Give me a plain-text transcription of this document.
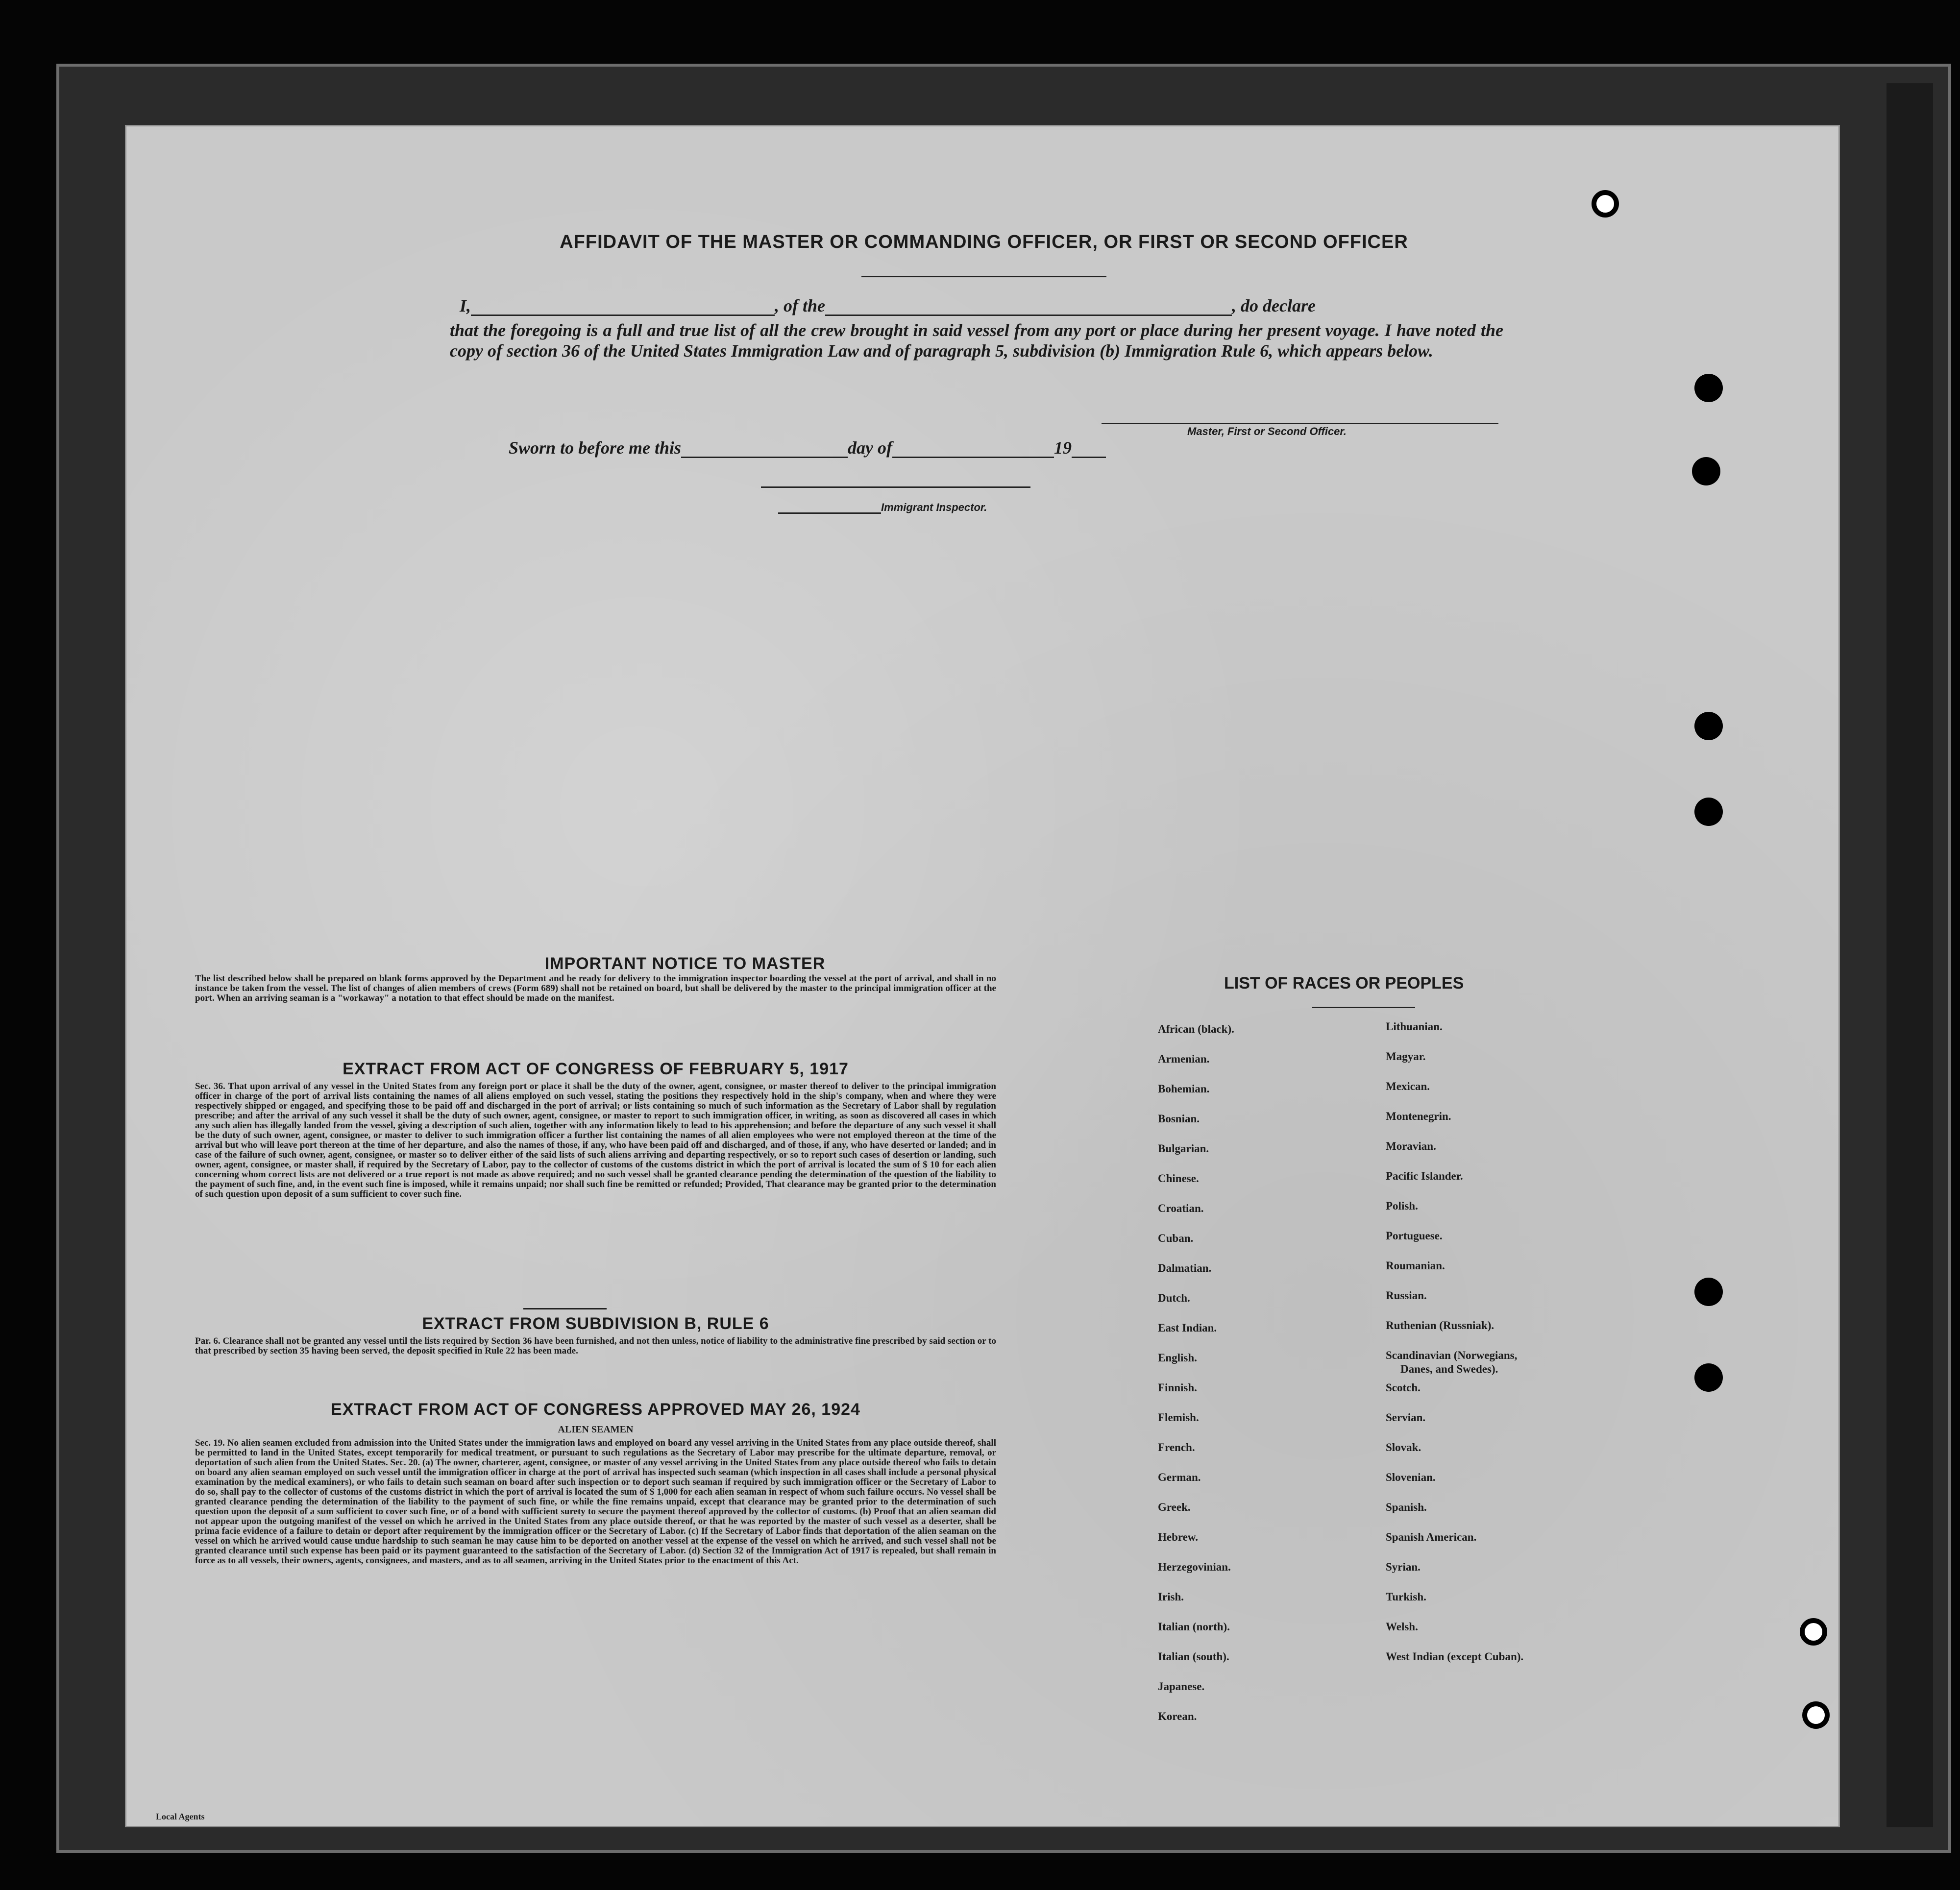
AFFIDAVIT OF THE MASTER OR COMMANDING OFFICER, OR FIRST OR SECOND OFFICER
I,	, of the	, do declare
that the foregoing is a full and true list of all the crew brought in said vessel from any port or place during her present voyage. I have noted the copy of section 36 of the United States Immigration Law and of paragraph 5, subdivision (b) Immigration Rule 6, which appears below.
Master, First or Second Officer.
Sworn to before me this	day of	19
Immigrant Inspector.
IMPORTANT NOTICE TO MASTER
The list described below shall be prepared on blank forms approved by the Department and be ready for delivery to the immigration inspector boarding the vessel at the port of arrival, and shall in no instance be taken from the vessel. The list of changes of alien members of crews (Form 689) shall not be retained on board, but shall be delivered by the master to the principal immigration officer at the port. When an arriving seaman is a "workaway" a notation to that effect should be made on the manifest.
EXTRACT FROM ACT OF CONGRESS OF FEBRUARY 5, 1917
Sec. 36. That upon arrival of any vessel in the United States from any foreign port or place it shall be the duty of the owner, agent, consignee, or master thereof to deliver to the principal immigration officer in charge of the port of arrival lists containing the names of all aliens employed on such vessel, stating the positions they respectively hold in the ship's company, when and where they were respectively shipped or engaged, and specifying those to be paid off and discharged in the port of arrival; or lists containing so much of such information as the Secretary of Labor shall by regulation prescribe; and after the arrival of any such vessel it shall be the duty of such owner, agent, consignee, or master to report to such immigration officer, in writing, as soon as discovered all cases in which any such alien has illegally landed from the vessel, giving a description of such alien, together with any information likely to lead to his apprehension; and before the departure of any such vessel it shall be the duty of such owner, agent, consignee, or master to deliver to such immigration officer a further list containing the names of all alien employees who were not employed thereon at the time of the arrival but who will leave port thereon at the time of her departure, and also the names of those, if any, who have been paid off and discharged, and of those, if any, who have deserted or landed; and in case of the failure of such owner, agent, consignee, or master so to deliver either of the said lists of such aliens arriving and departing respectively, or so to report such cases of desertion or landing, such owner, agent, consignee, or master shall, if required by the Secretary of Labor, pay to the collector of customs of the customs district in which the port of arrival is located the sum of $ 10 for each alien concerning whom correct lists are not delivered or a true report is not made as above required; and no such vessel shall be granted clearance pending the determination of the question of the liability to the payment of such fine, and, in the event such fine is imposed, while it remains unpaid; nor shall such fine be remitted or refunded; Provided, That clearance may be granted prior to the determination of such question upon deposit of a sum sufficient to cover such fine.
EXTRACT FROM SUBDIVISION B, RULE 6
Par. 6. Clearance shall not be granted any vessel until the lists required by Section 36 have been furnished, and not then unless, notice of liability to the administrative fine prescribed by said section or to that prescribed by section 35 having been served, the deposit specified in Rule 22 has been made.
EXTRACT FROM ACT OF CONGRESS APPROVED MAY 26, 1924
ALIEN SEAMEN
Sec. 19. No alien seamen excluded from admission into the United States under the immigration laws and employed on board any vessel arriving in the United States from any place outside thereof, shall be permitted to land in the United States, except temporarily for medical treatment, or pursuant to such regulations as the Secretary of Labor may prescribe for the ultimate departure, removal, or deportation of such alien from the United States. Sec. 20. (a) The owner, charterer, agent, consignee, or master of any vessel arriving in the United States from any place outside thereof who fails to detain on board any alien seaman employed on such vessel until the immigration officer in charge at the port of arrival has inspected such seaman (which inspection in all cases shall include a personal physical examination by the medical examiners), or who fails to detain such seaman on board after such inspection or to deport such seaman if required by such immigration officer or the Secretary of Labor to do so, shall pay to the collector of customs of the customs district in which the port of arrival is located the sum of $ 1,000 for each alien seaman in respect of whom such failure occurs. No vessel shall be granted clearance pending the determination of the liability to the payment of such fine, or while the fine remains unpaid, except that clearance may be granted prior to the determination of such question upon the deposit of a sum sufficient to cover such fine, or of a bond with sufficient surety to secure the payment thereof approved by the collector of customs. (b) Proof that an alien seaman did not appear upon the outgoing manifest of the vessel on which he arrived in the United States from any place outside thereof, or that he was reported by the master of such vessel as a deserter, shall be prima facie evidence of a failure to detain or deport after requirement by the immigration officer or the Secretary of Labor. (c) If the Secretary of Labor finds that deportation of the alien seaman on the vessel on which he arrived would cause undue hardship to such seaman he may cause him to be deported on another vessel at the expense of the vessel on which he arrived, and such vessel shall not be granted clearance until such expense has been paid or its payment guaranteed to the satisfaction of the Secretary of Labor. (d) Section 32 of the Immigration Act of 1917 is repealed, but shall remain in force as to all vessels, their owners, agents, consignees, and masters, and as to all seamen, arriving in the United States prior to the enactment of this Act.
LIST OF RACES OR PEOPLES
Local Agents
African (black).
Armenian.
Bohemian.
Bosnian.
Bulgarian.
Chinese.
Croatian.
Cuban.
Dalmatian.
Dutch.
East Indian.
English.
Finnish.
Flemish.
French.
German.
Greek.
Hebrew.
Herzegovinian.
Irish.
Italian (north).
Italian (south).
Japanese.
Korean.
Lithuanian.
Magyar.
Mexican.
Montenegrin.
Moravian.
Pacific Islander.
Polish.
Portuguese.
Roumanian.
Russian.
Ruthenian (Russniak).
Scandinavian (Norwegians,
Danes, and Swedes).
Scotch.
Servian.
Slovak.
Slovenian.
Spanish.
Spanish American.
Syrian.
Turkish.
Welsh.
West Indian (except Cuban).
